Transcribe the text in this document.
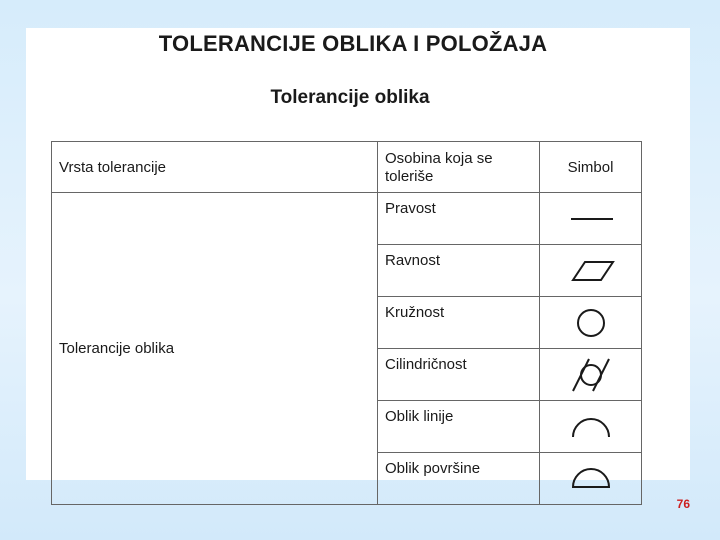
TOLERANCIJE OBLIKA I POLOŽAJA
Tolerancije oblika
Vrsta tolerancije	Osobina koja se toleriše	Simbol
Tolerancije oblika	Pravost	

	Ravnost	

	Kružnost	

	Cilindričnost	

	Oblik linije	

	Oblik površine	
76
